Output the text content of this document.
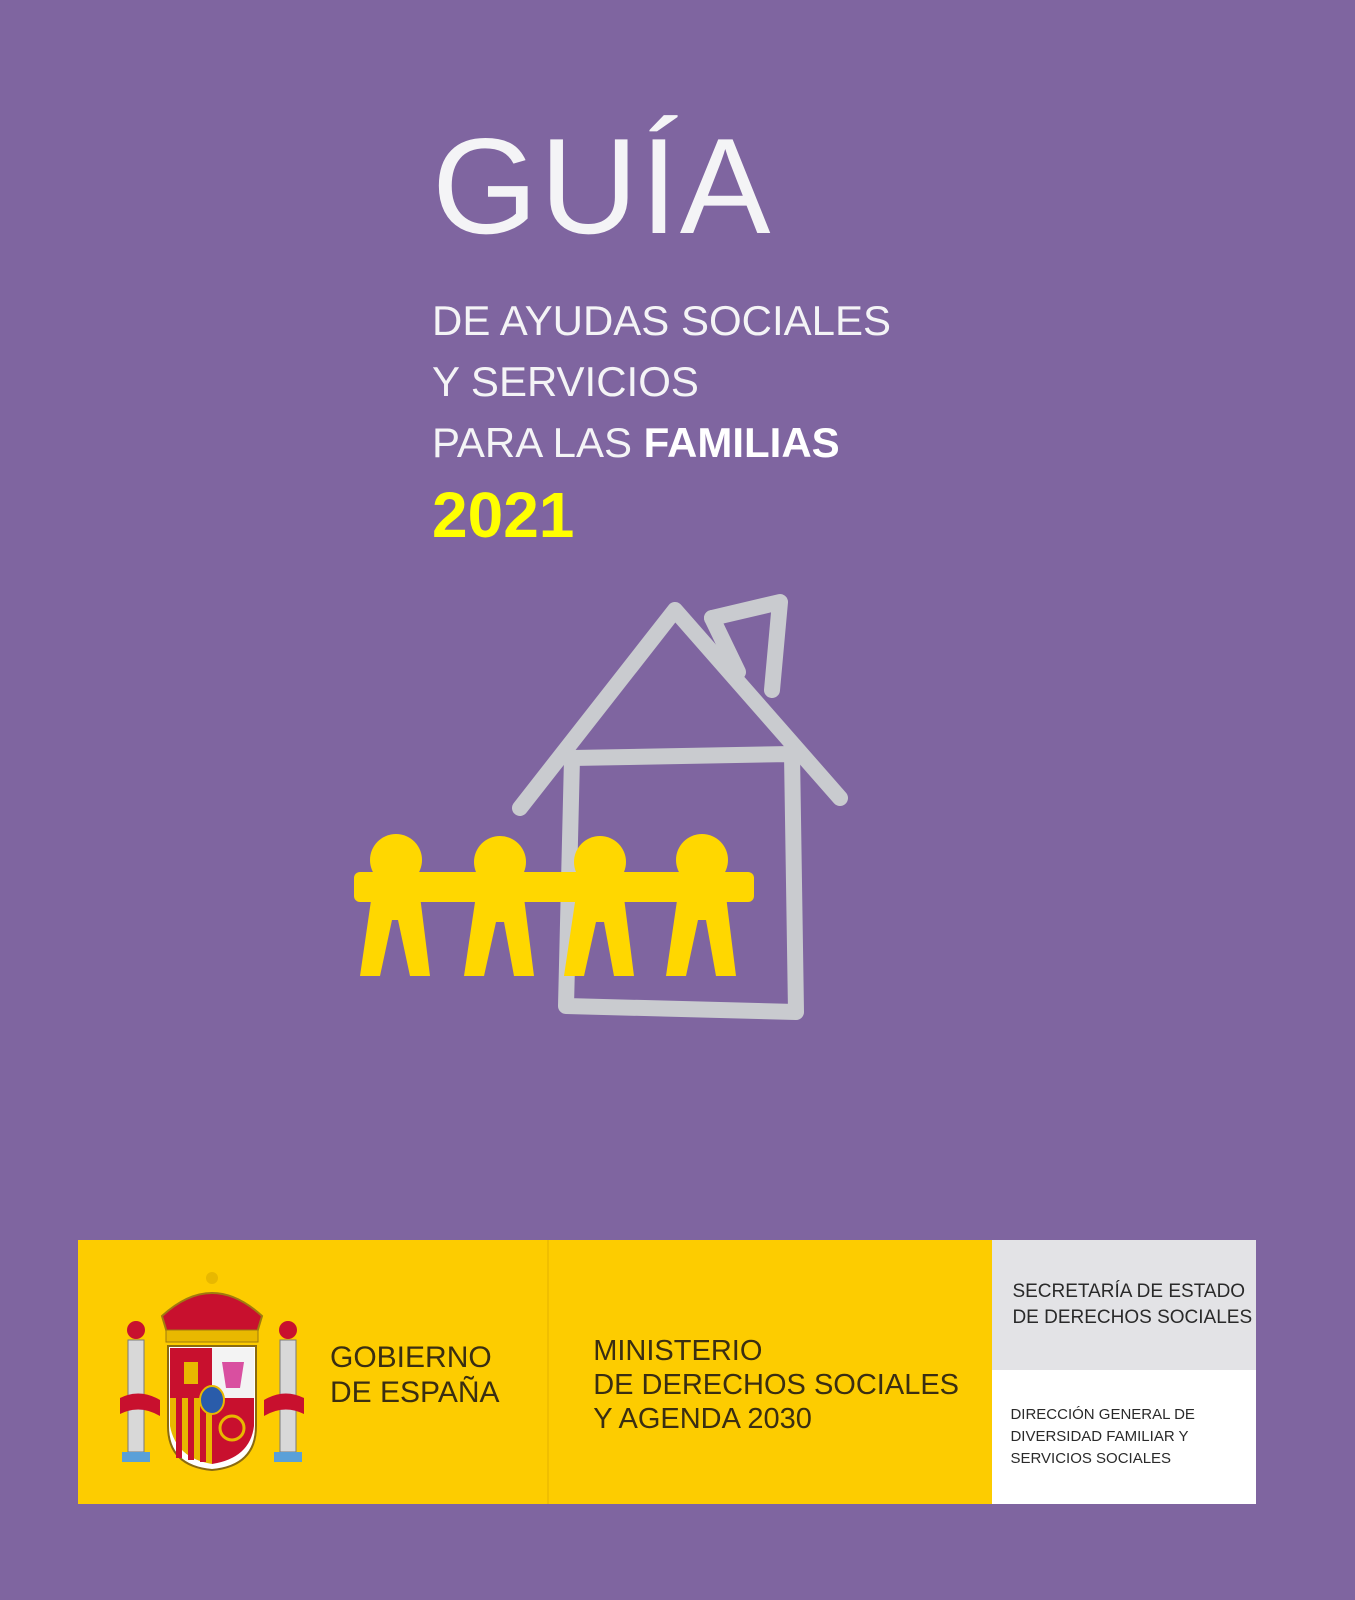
GUÍA
DE AYUDAS SOCIALES
Y SERVICIOS
PARA LAS FAMILIAS
2021
GOBIERNO
DE ESPAÑA
MINISTERIO
DE DERECHOS SOCIALES
Y AGENDA 2030
SECRETARÍA DE ESTADO
DE DERECHOS SOCIALES
DIRECCIÓN GENERAL DE
DIVERSIDAD FAMILIAR Y
SERVICIOS SOCIALES
